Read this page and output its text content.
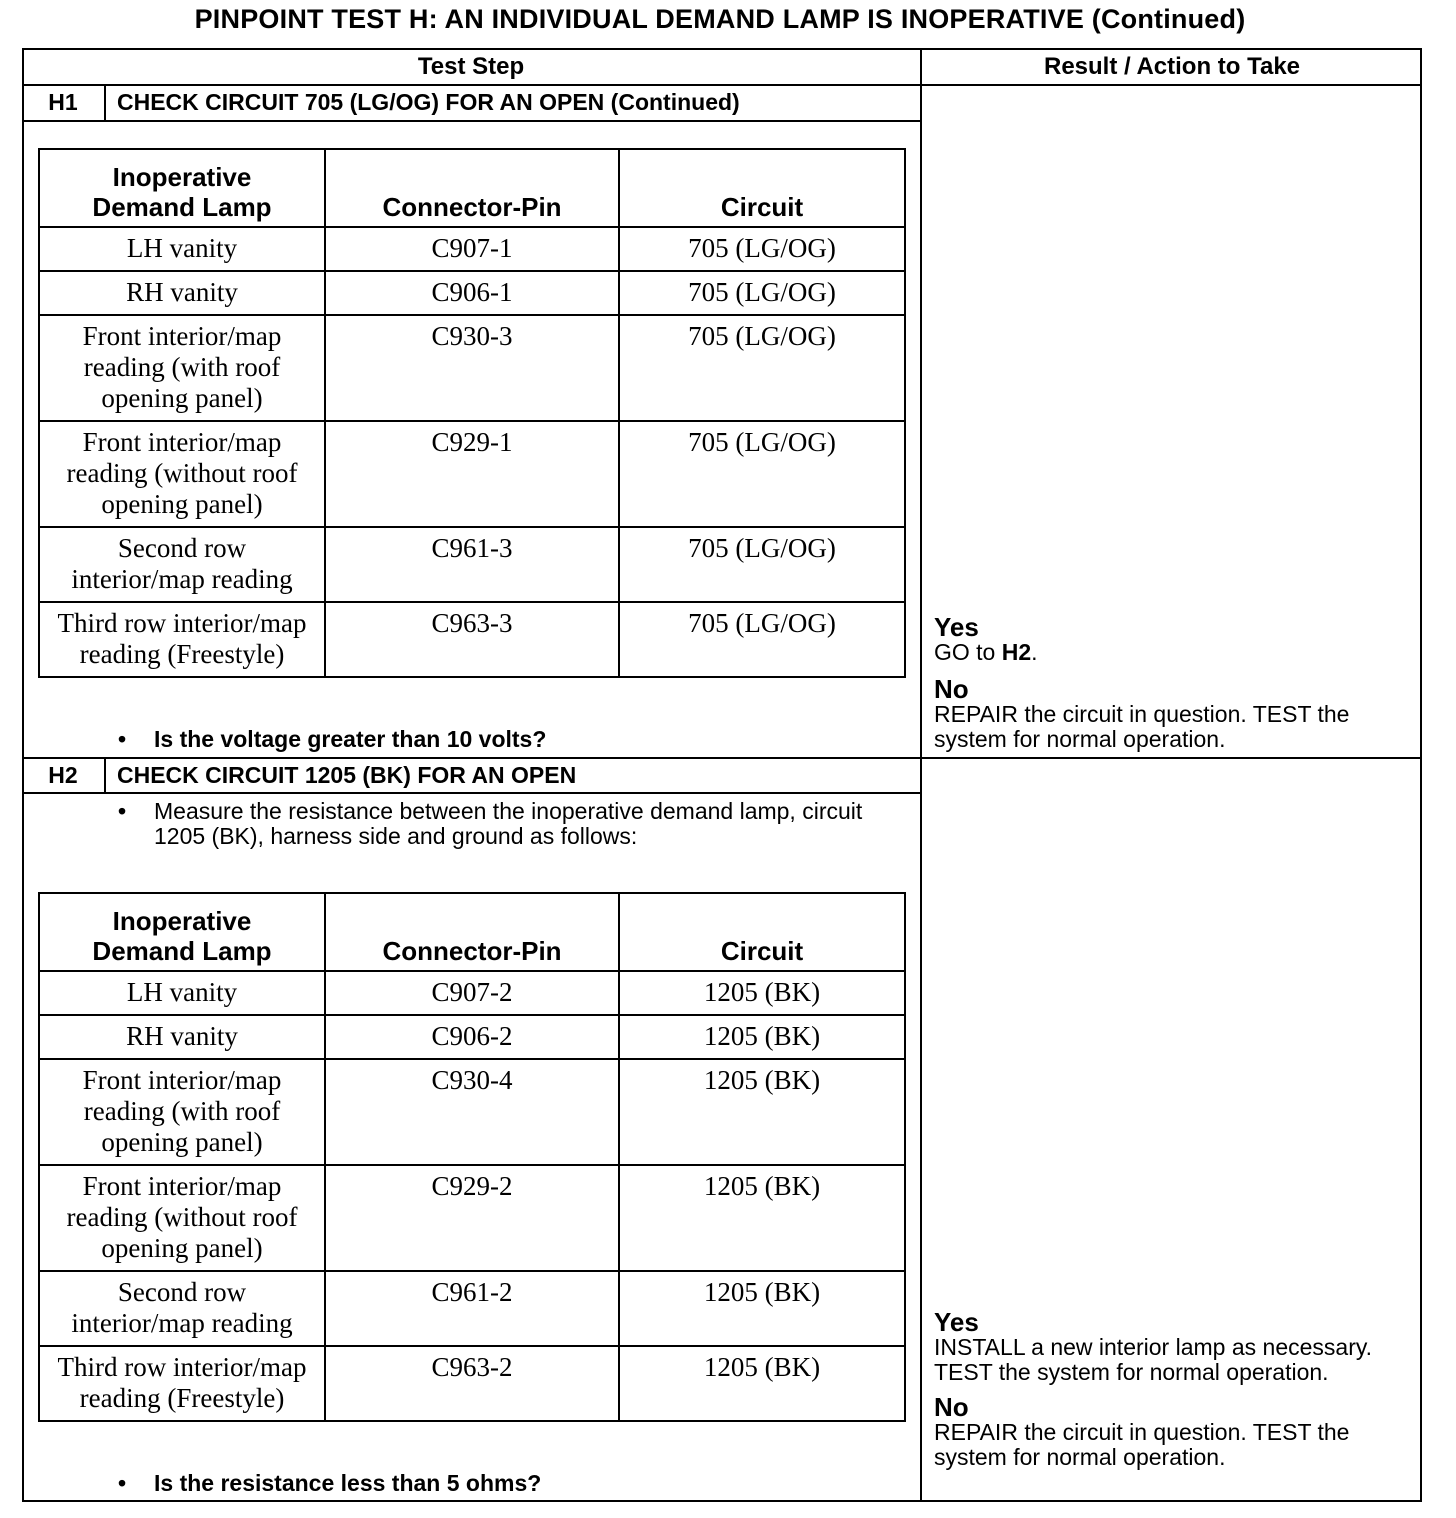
PINPOINT TEST H: AN INDIVIDUAL DEMAND LAMP IS INOPERATIVE (Continued)
Test Step	Result / Action to Take
H1	CHECK CIRCUIT 705 (LG/OG) FOR AN OPEN (Continued)
Inoperative Demand Lamp	Connector-Pin	Circuit
LH vanity	C907-1	705 (LG/OG)
RH vanity	C906-1	705 (LG/OG)
Front interior/map reading (with roof opening panel)	C930-3	705 (LG/OG)
Front interior/map reading (without roof opening panel)	C929-1	705 (LG/OG)
Second row interior/map reading	C961-3	705 (LG/OG)
Third row interior/map reading (Freestyle)	C963-3	705 (LG/OG)
• Is the voltage greater than 10 volts?
Yes
GO to H2.
No
REPAIR the circuit in question. TEST the system for normal operation.
H2	CHECK CIRCUIT 1205 (BK) FOR AN OPEN
• Measure the resistance between the inoperative demand lamp, circuit 1205 (BK), harness side and ground as follows:
Inoperative Demand Lamp	Connector-Pin	Circuit
LH vanity	C907-2	1205 (BK)
RH vanity	C906-2	1205 (BK)
Front interior/map reading (with roof opening panel)	C930-4	1205 (BK)
Front interior/map reading (without roof opening panel)	C929-2	1205 (BK)
Second row interior/map reading	C961-2	1205 (BK)
Third row interior/map reading (Freestyle)	C963-2	1205 (BK)
• Is the resistance less than 5 ohms?
Yes
INSTALL a new interior lamp as necessary. TEST the system for normal operation.
No
REPAIR the circuit in question. TEST the system for normal operation.
